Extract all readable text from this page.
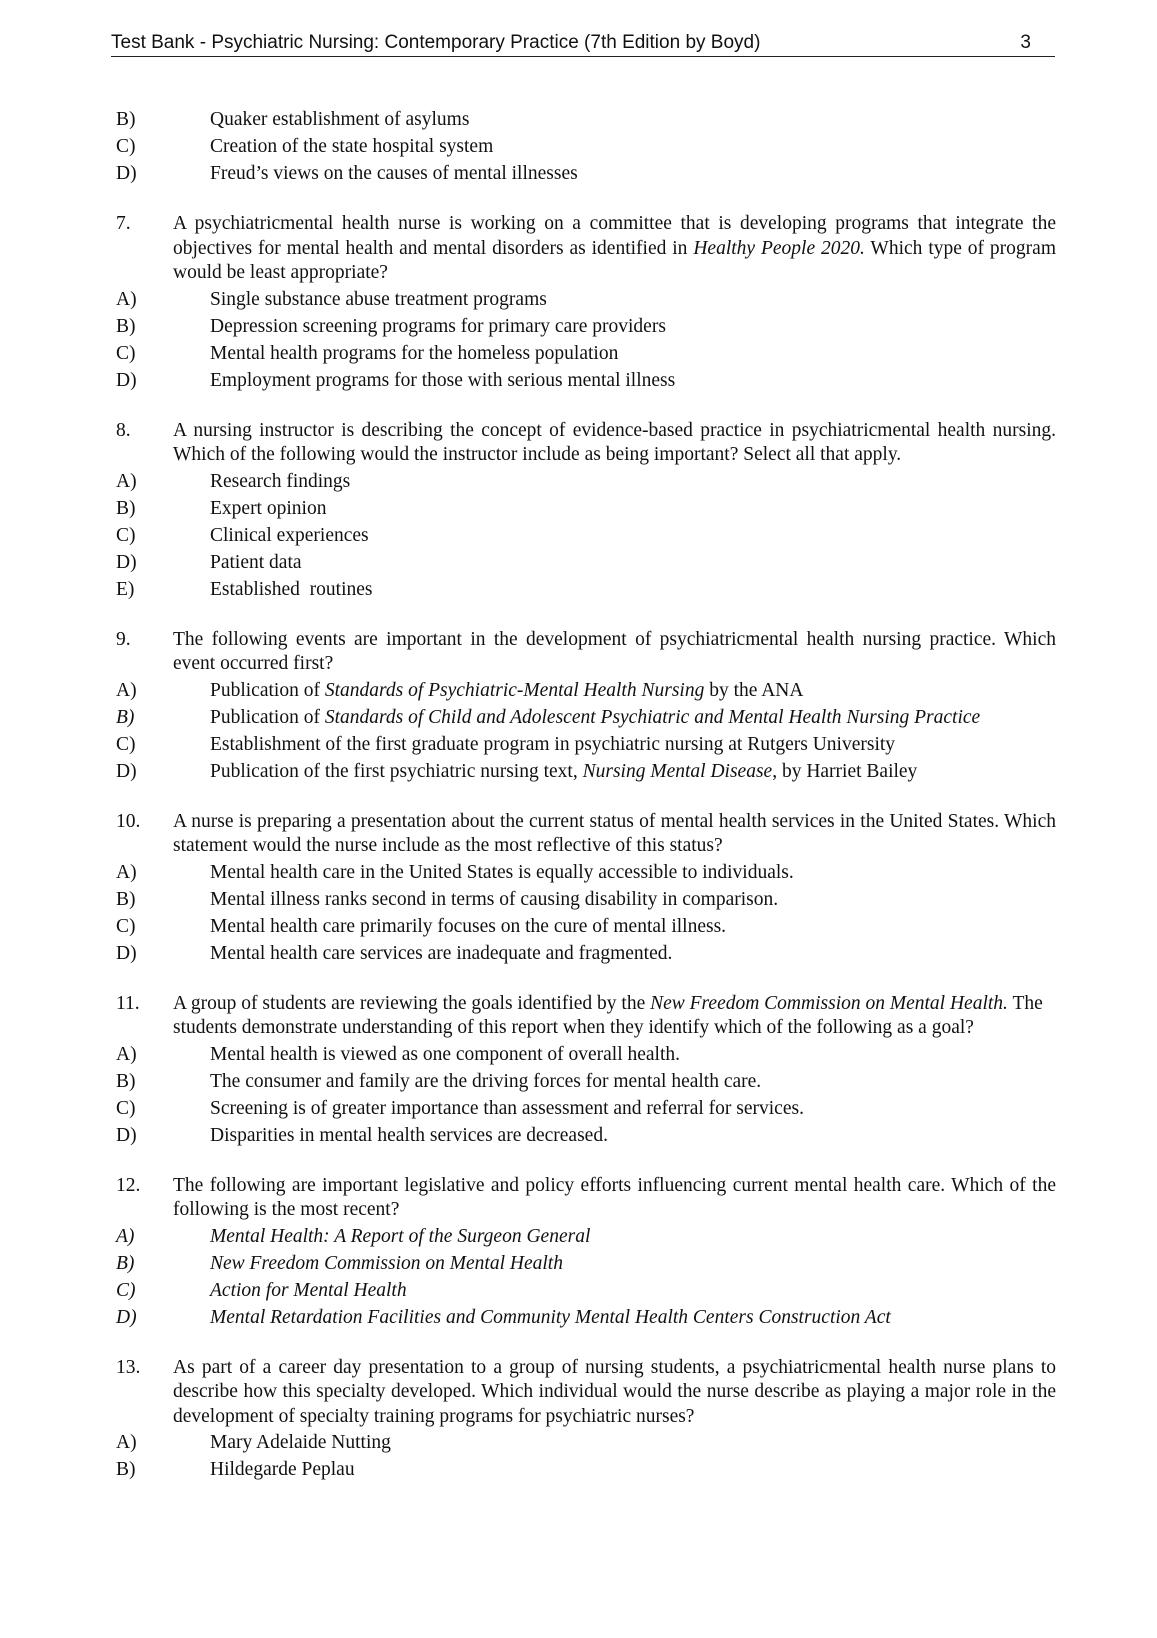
Test Bank - Psychiatric Nursing: Contemporary Practice (7th Edition by Boyd)	3
B)	Quaker establishment of asylums
C)	Creation of the state hospital system
D)	Freud’s views on the causes of mental illnesses
7.	A psychiatricmental health nurse is working on a committee that is developing programs that integrate the objectives for mental health and mental disorders as identified in Healthy People 2020. Which type of program would be least appropriate?
A)	Single substance abuse treatment programs
B)	Depression screening programs for primary care providers
C)	Mental health programs for the homeless population
D)	Employment programs for those with serious mental illness
8.	A nursing instructor is describing the concept of evidence-based practice in psychiatricmental health nursing. Which of the following would the instructor include as being important? Select all that apply.
A)	Research findings
B)	Expert opinion
C)	Clinical experiences
D)	Patient data
E)	Established  routines
9.	The following events are important in the development of psychiatricmental health nursing practice. Which event occurred first?
A)	Publication of Standards of Psychiatric-Mental Health Nursing by the ANA
B)	Publication of Standards of Child and Adolescent Psychiatric and Mental Health Nursing Practice
C)	Establishment of the first graduate program in psychiatric nursing at Rutgers University
D)	Publication of the first psychiatric nursing text, Nursing Mental Disease, by Harriet Bailey
10.	A nurse is preparing a presentation about the current status of mental health services in the United States. Which statement would the nurse include as the most reflective of this status?
A)	Mental health care in the United States is equally accessible to individuals.
B)	Mental illness ranks second in terms of causing disability in comparison.
C)	Mental health care primarily focuses on the cure of mental illness.
D)	Mental health care services are inadequate and fragmented.
11.	A group of students are reviewing the goals identified by the New Freedom Commission on Mental Health. The students demonstrate understanding of this report when they identify which of the following as a goal?
A)	Mental health is viewed as one component of overall health.
B)	The consumer and family are the driving forces for mental health care.
C)	Screening is of greater importance than assessment and referral for services.
D)	Disparities in mental health services are decreased.
12.	The following are important legislative and policy efforts influencing current mental health care. Which of the following is the most recent?
A)	Mental Health: A Report of the Surgeon General
B)	New Freedom Commission on Mental Health
C)	Action for Mental Health
D)	Mental Retardation Facilities and Community Mental Health Centers Construction Act
13.	As part of a career day presentation to a group of nursing students, a psychiatricmental health nurse plans to describe how this specialty developed. Which individual would the nurse describe as playing a major role in the development of specialty training programs for psychiatric nurses?
A)	Mary Adelaide Nutting
B)	Hildegarde Peplau
